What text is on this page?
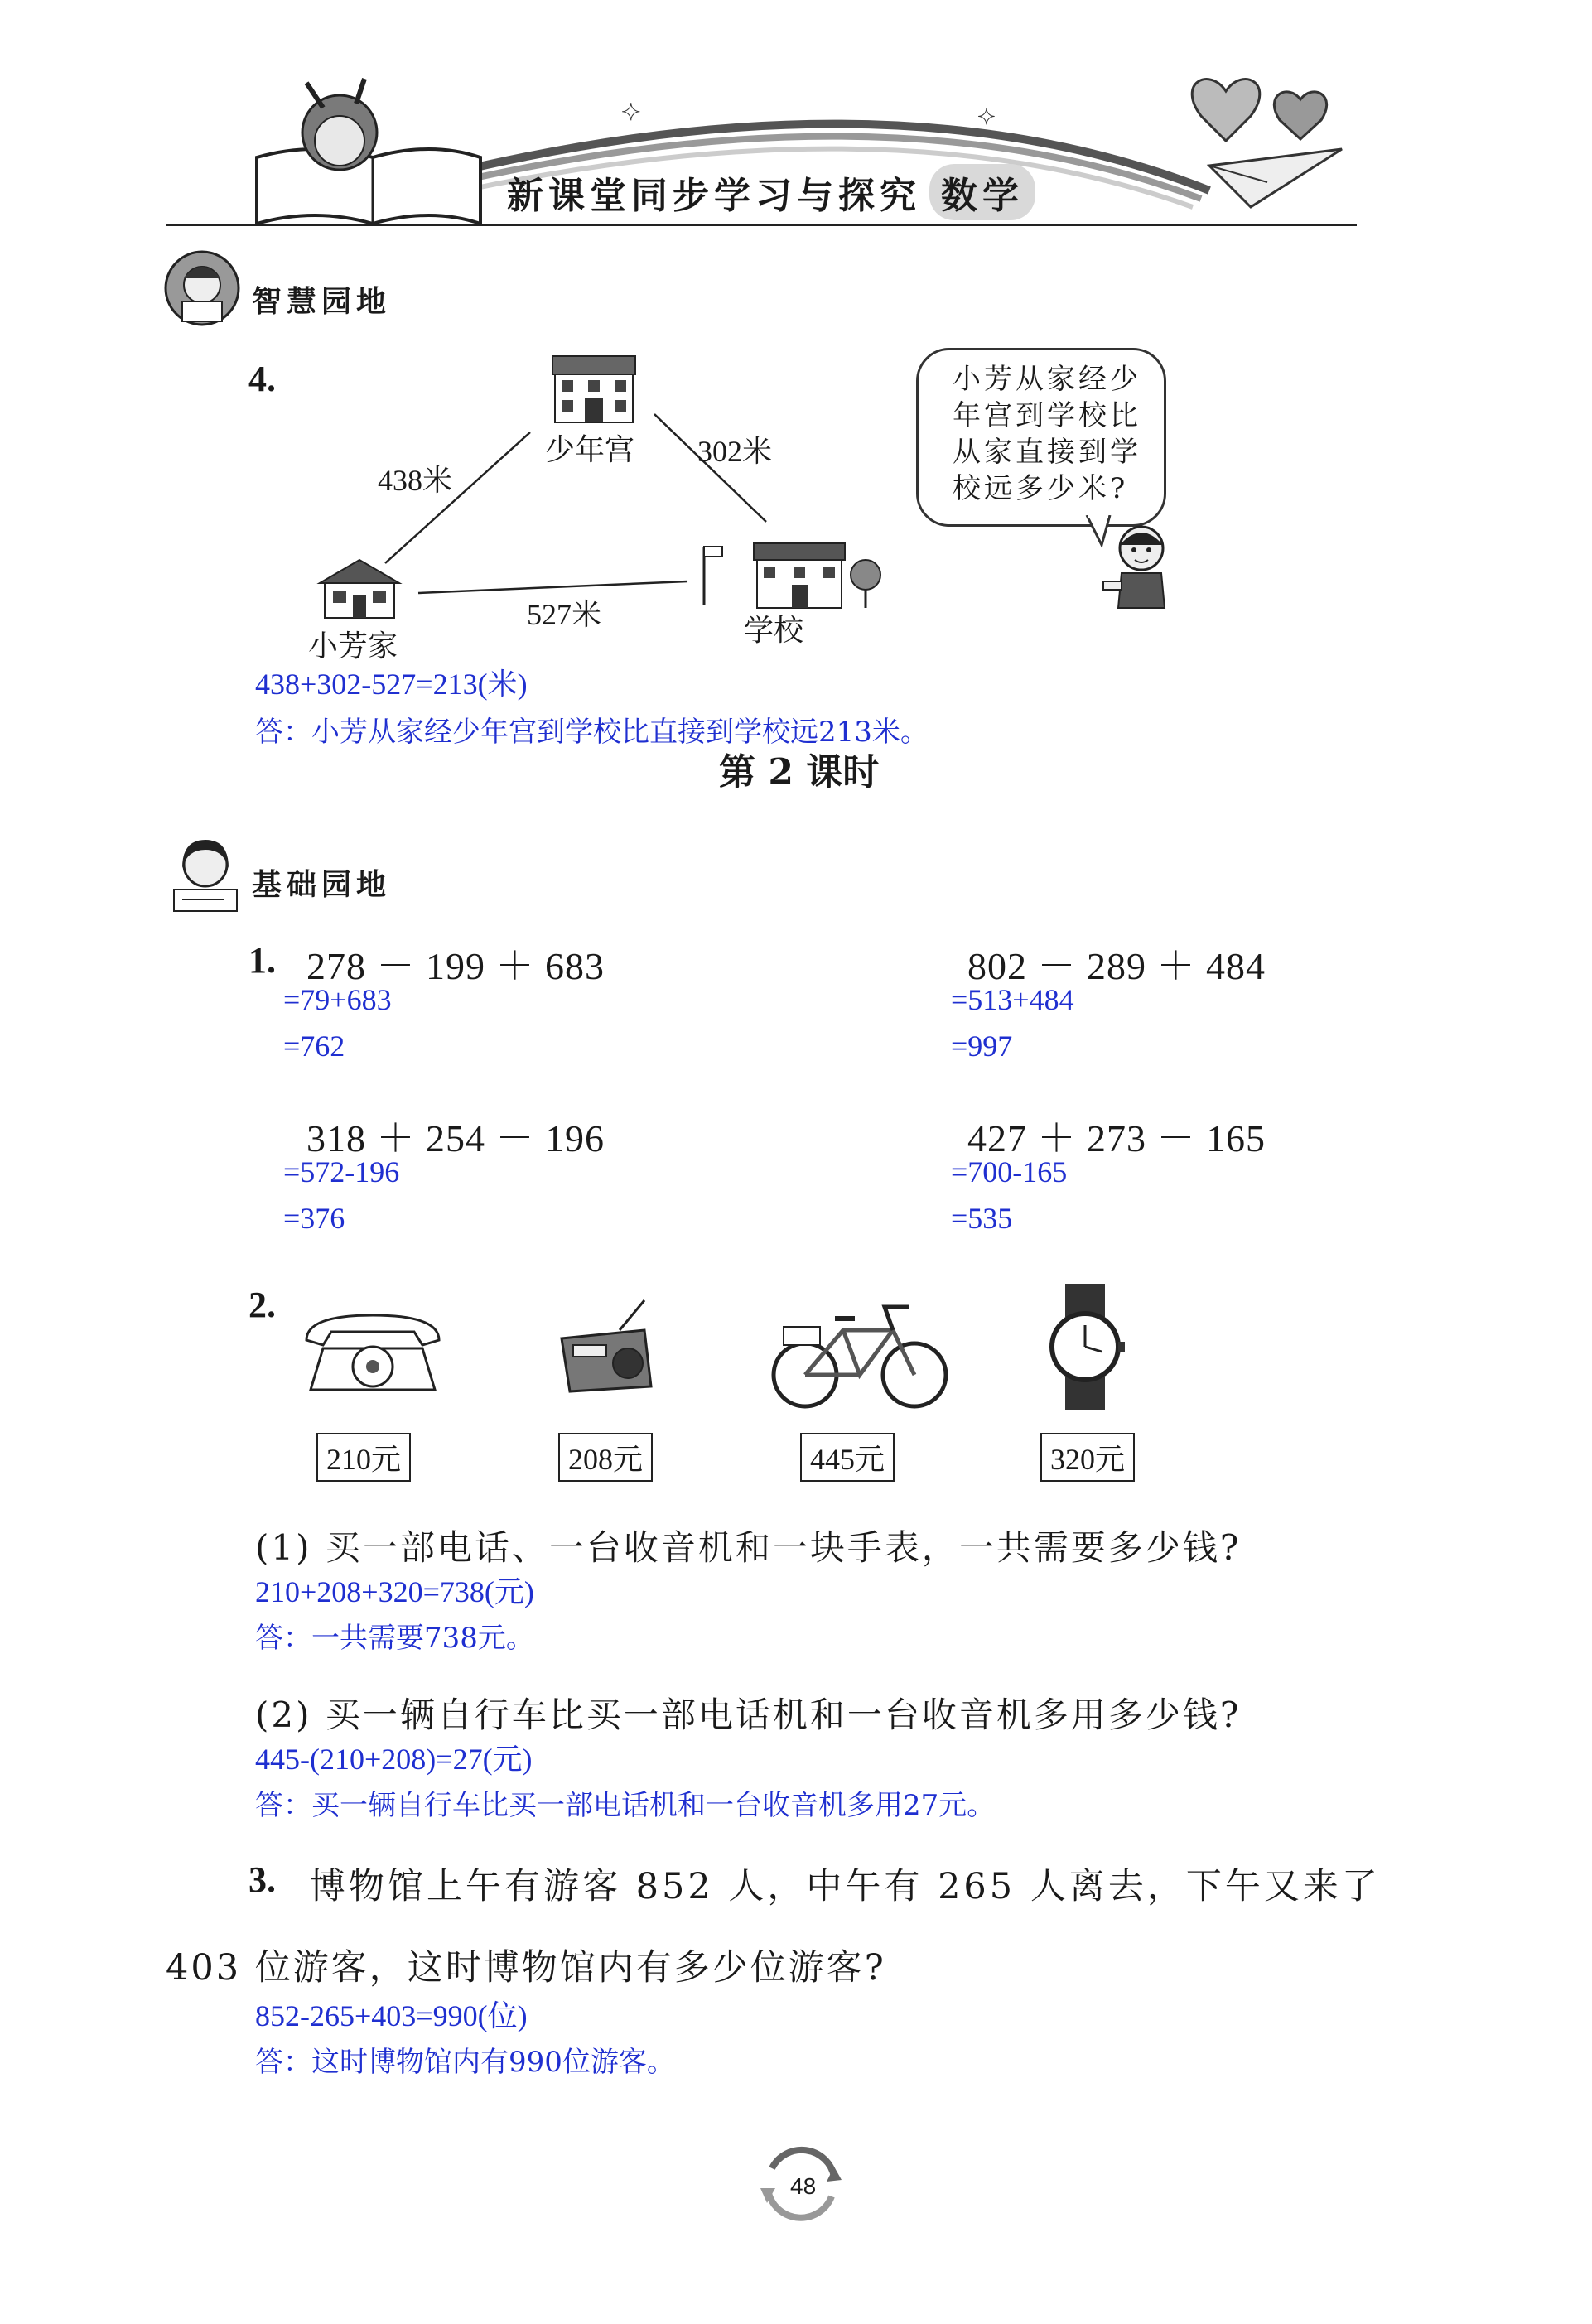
✦	✦
新课堂同步学习与探究 数学
智慧园地
4.
少年宫
438米
302米
小芳家
527米	学校
小芳从家经少
年宫到学校比
从家直接到学
校远多少米?
438+302-527=213(米)
答：小芳从家经少年宫到学校比直接到学校远213米。
第 2 课时
基础园地
1. 278 － 199 ＋ 683
=79+683
=762
802 － 289 ＋ 484
=513+484
=997
318 ＋ 254 － 196
=572-196
=376
427 ＋ 273 － 165
=700-165
=535
2.
210元	208元	445元	320元
(1) 买一部电话、一台收音机和一块手表，一共需要多少钱?
210+208+320=738(元)
答：一共需要738元。
(2) 买一辆自行车比买一部电话机和一台收音机多用多少钱?
445-(210+208)=27(元)
答：买一辆自行车比买一部电话机和一台收音机多用27元。
3. 博物馆上午有游客 852 人，中午有 265 人离去，下午又来了
403 位游客，这时博物馆内有多少位游客?
852-265+403=990(位)
答：这时博物馆内有990位游客。
48
